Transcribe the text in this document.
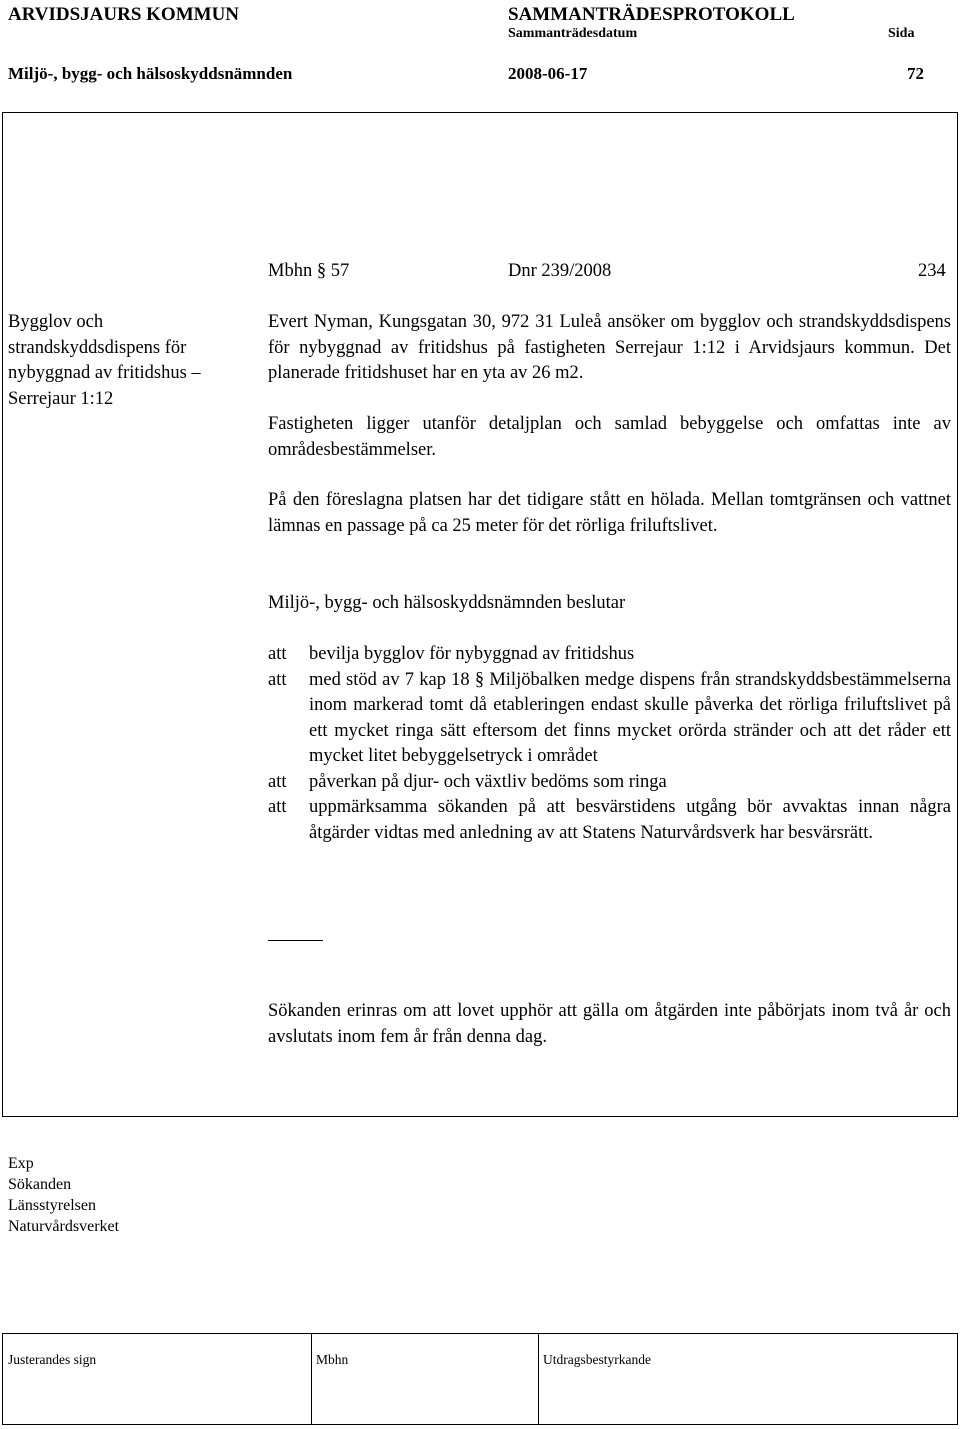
ARVIDSJAURS KOMMUN	SAMMANTRÄDESPROTOKOLL
Sammanträdesdatum	Sida
Miljö-, bygg- och hälsoskyddsnämnden	2008-06-17	72
Mbhn § 57	Dnr 239/2008	234
Bygglov och
strandskyddsdispens för
nybyggnad av fritidshus –
Serrejaur 1:12
Evert Nyman, Kungsgatan 30, 972 31 Luleå ansöker om bygglov och strandskyddsdispens för nybyggnad av fritidshus på fastigheten Serrejaur 1:12 i Arvidsjaurs kommun. Det planerade fritidshuset har en yta av 26 m2.
Fastigheten ligger utanför detaljplan och samlad bebyggelse och omfattas inte av områdesbestämmelser.
På den föreslagna platsen har det tidigare stått en hölada. Mellan tomtgränsen och vattnet lämnas en passage på ca 25 meter för det rörliga friluftslivet.
Miljö-, bygg- och hälsoskyddsnämnden beslutar
att	bevilja bygglov för nybyggnad av fritidshus
att	med stöd av 7 kap 18 § Miljöbalken medge dispens från strandskyddsbestämmelserna inom markerad tomt då etableringen endast skulle påverka det rörliga friluftslivet på ett mycket ringa sätt eftersom det finns mycket orörda stränder och att det råder ett mycket litet bebyggelsetryck i området
att	påverkan på djur- och växtliv bedöms som ringa
att	uppmärksamma sökanden på att besvärstidens utgång bör avvaktas innan några åtgärder vidtas med anledning av att Statens Naturvårdsverk har besvärsrätt.
Sökanden erinras om att lovet upphör att gälla om åtgärden inte påbörjats inom två år och avslutats inom fem år från denna dag.
Exp
Sökanden
Länsstyrelsen
Naturvårdsverket
Justerandes sign	Mbhn	Utdragsbestyrkande
